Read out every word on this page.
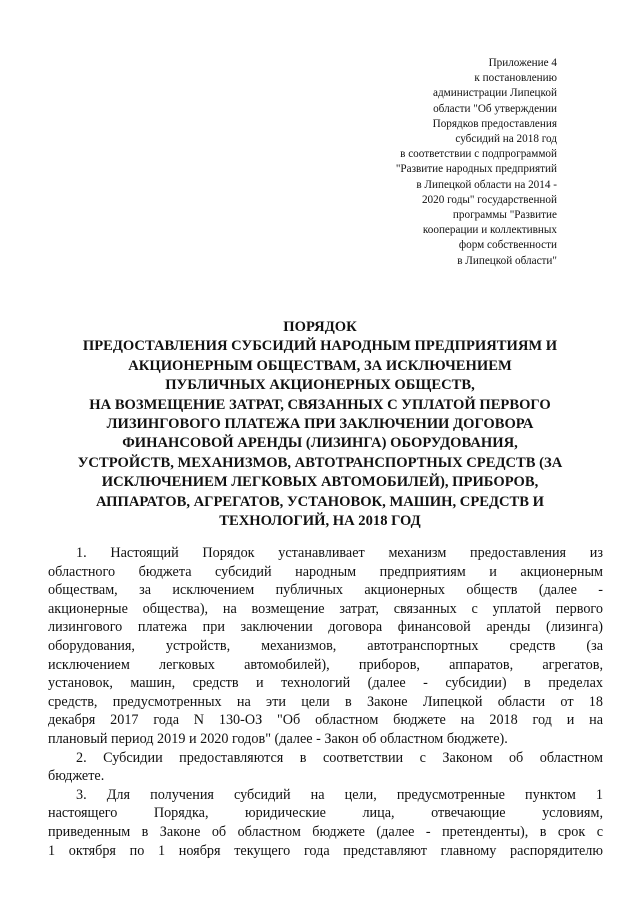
Приложение 4
к постановлению
администрации Липецкой
области "Об утверждении
Порядков предоставления
субсидий на 2018 год
в соответствии с подпрограммой
"Развитие народных предприятий
в Липецкой области на 2014 -
2020 годы" государственной
программы "Развитие
кооперации и коллективных
форм собственности
в Липецкой области"
ПОРЯДОК
ПРЕДОСТАВЛЕНИЯ СУБСИДИЙ НАРОДНЫМ ПРЕДПРИЯТИЯМ И
АКЦИОНЕРНЫМ ОБЩЕСТВАМ, ЗА ИСКЛЮЧЕНИЕМ
ПУБЛИЧНЫХ АКЦИОНЕРНЫХ ОБЩЕСТВ,
НА ВОЗМЕЩЕНИЕ ЗАТРАТ, СВЯЗАННЫХ С УПЛАТОЙ ПЕРВОГО
ЛИЗИНГОВОГО ПЛАТЕЖА ПРИ ЗАКЛЮЧЕНИИ ДОГОВОРА
ФИНАНСОВОЙ АРЕНДЫ (ЛИЗИНГА) ОБОРУДОВАНИЯ,
УСТРОЙСТВ, МЕХАНИЗМОВ, АВТОТРАНСПОРТНЫХ СРЕДСТВ (ЗА
ИСКЛЮЧЕНИЕМ ЛЕГКОВЫХ АВТОМОБИЛЕЙ), ПРИБОРОВ,
АППАРАТОВ, АГРЕГАТОВ, УСТАНОВОК, МАШИН, СРЕДСТВ И
ТЕХНОЛОГИЙ, НА 2018 ГОД
1. Настоящий Порядок устанавливает механизм предоставления из
областного бюджета субсидий народным предприятиям и акционерным
обществам, за исключением публичных акционерных обществ (далее -
акционерные общества), на возмещение затрат, связанных с уплатой первого
лизингового платежа при заключении договора финансовой аренды (лизинга)
оборудования, устройств, механизмов, автотранспортных средств (за
исключением легковых автомобилей), приборов, аппаратов, агрегатов,
установок, машин, средств и технологий (далее - субсидии) в пределах
средств, предусмотренных на эти цели в Законе Липецкой области от 18
декабря 2017 года N 130-ОЗ "Об областном бюджете на 2018 год и на
плановый период 2019 и 2020 годов" (далее - Закон об областном бюджете).
2. Субсидии предоставляются в соответствии с Законом об областном
бюджете.
3. Для получения субсидий на цели, предусмотренные пунктом 1
настоящего Порядка, юридические лица, отвечающие условиям,
приведенным в Законе об областном бюджете (далее - претенденты), в срок с
1 октября по 1 ноября текущего года представляют главному распорядителю
